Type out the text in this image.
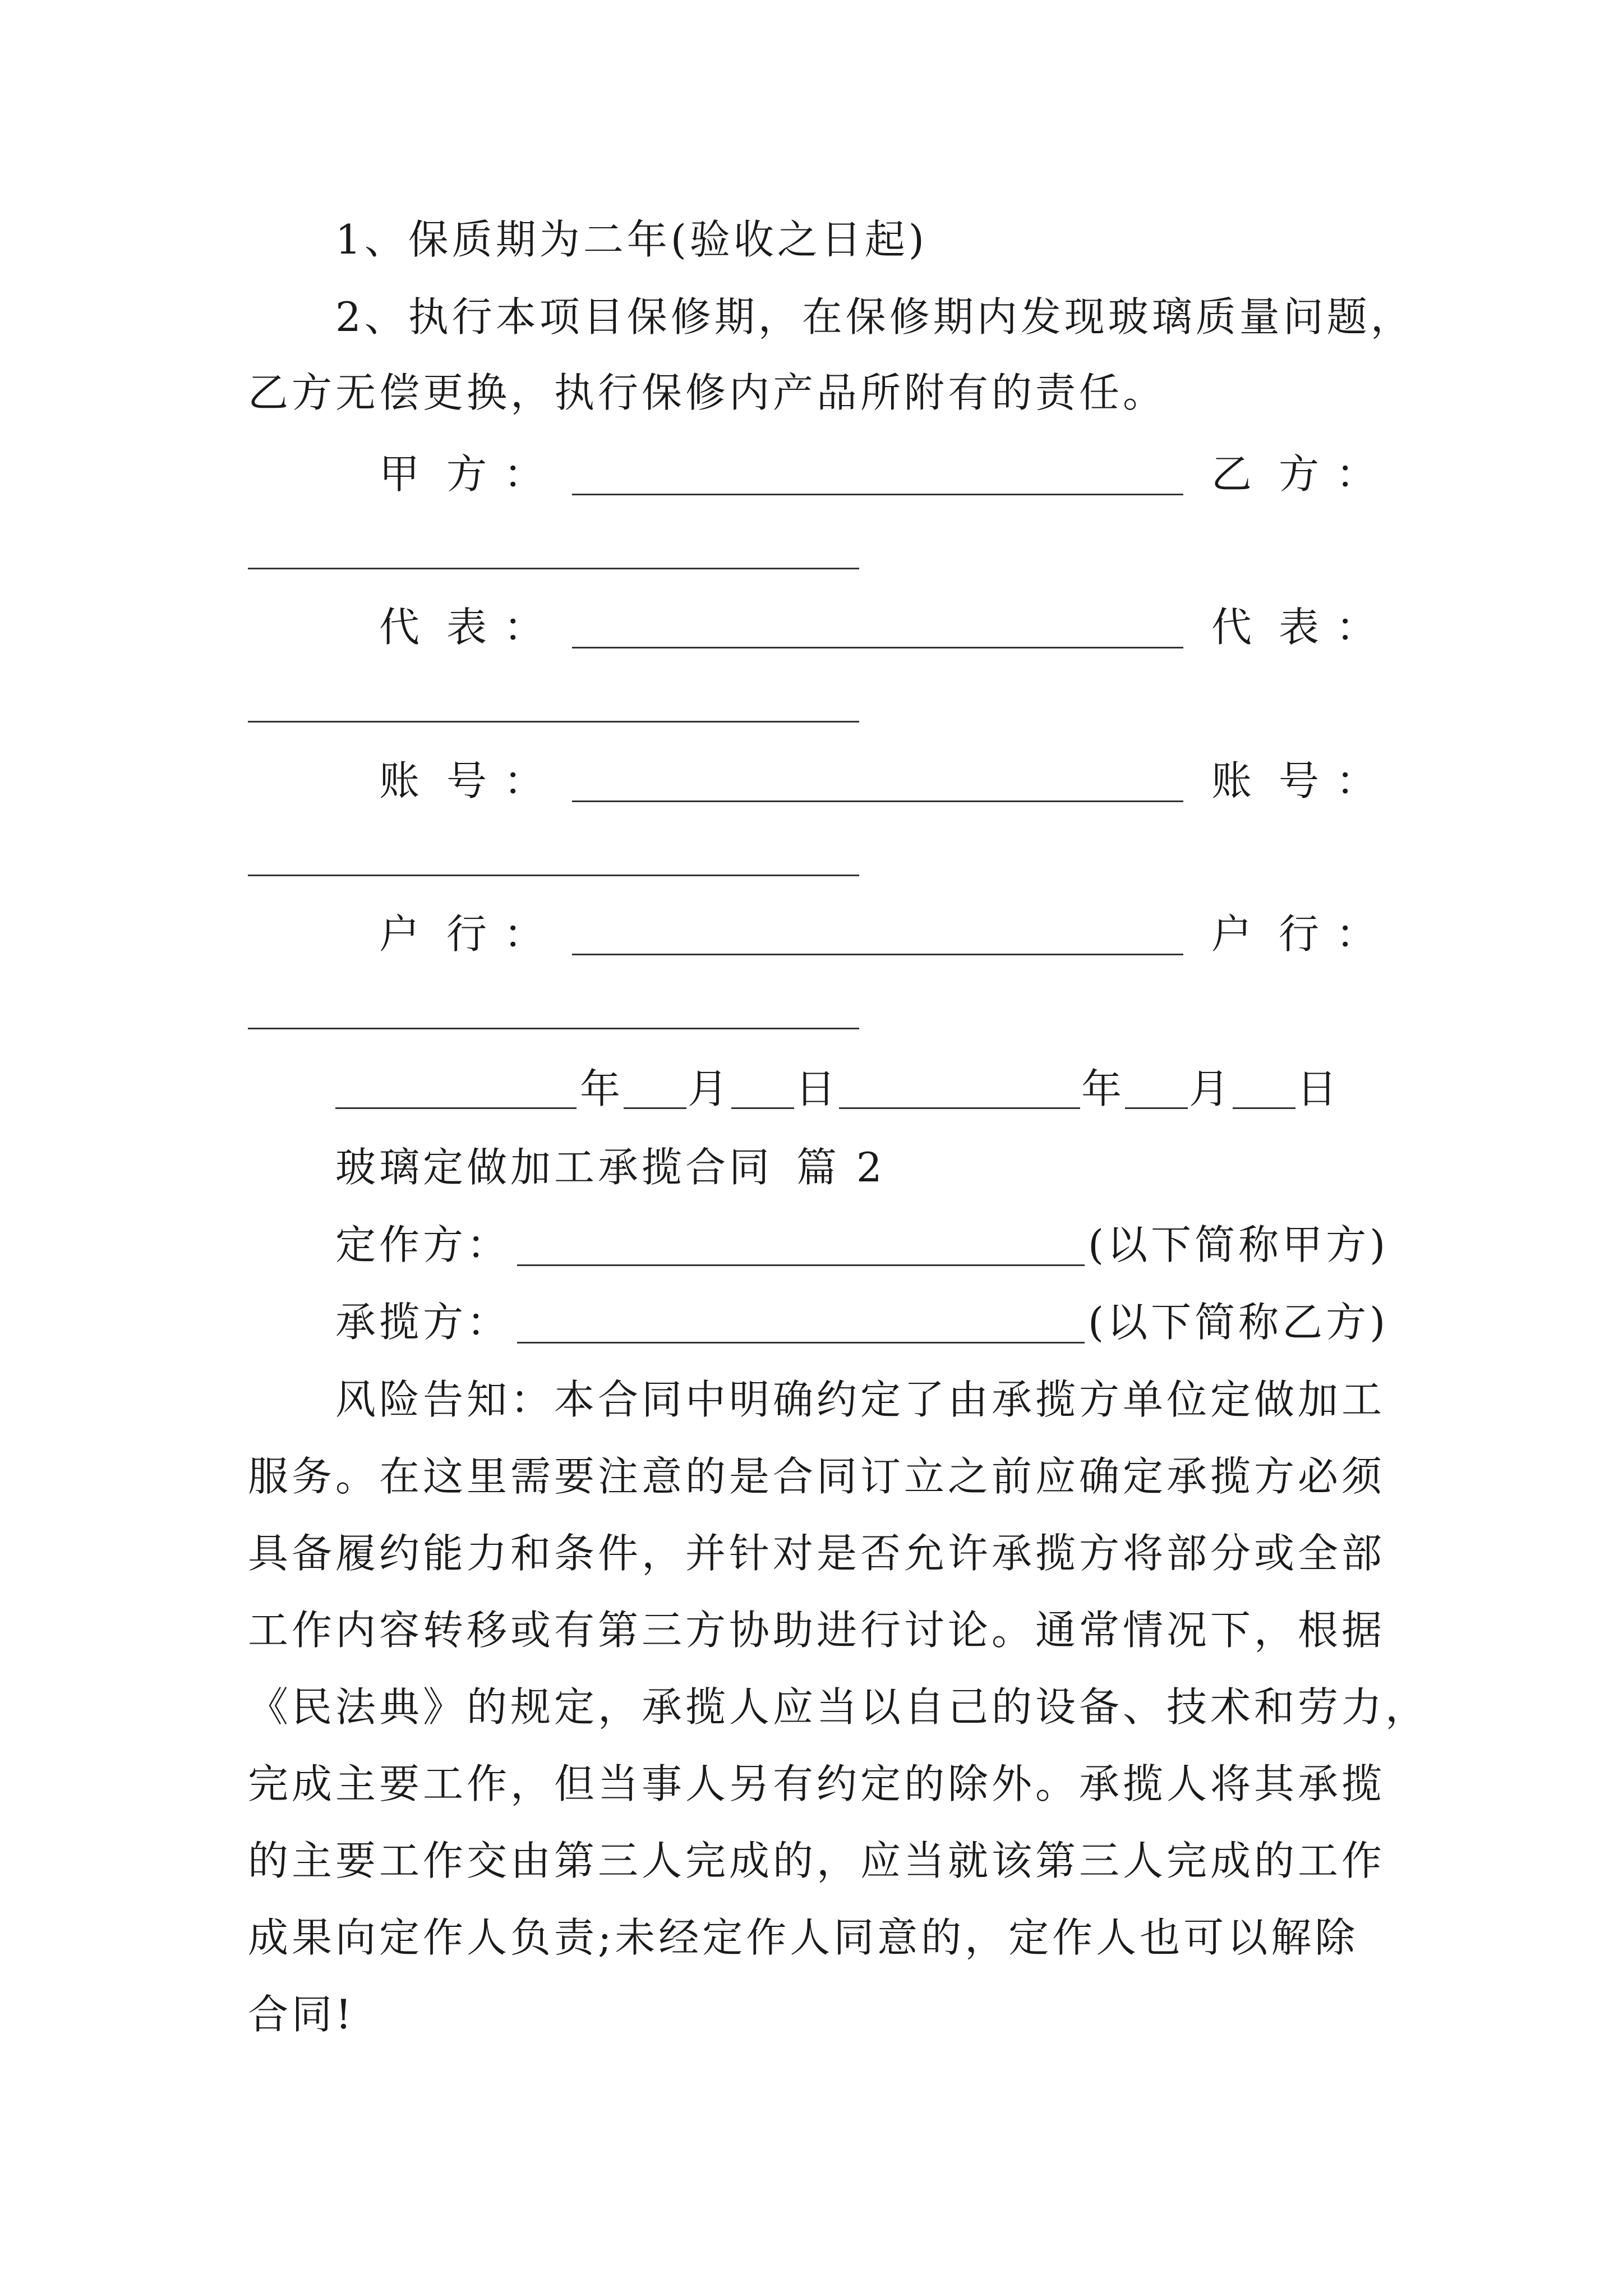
1、保质期为二年(验收之日起)
2、执行本项目保修期，在保修期内发现玻璃质量问题，
乙方无偿更换，执行保修内产品所附有的责任。
甲 方 ：	乙 方 ：
代 表 ：	代 表 ：
账 号 ：	账 号 ：
户 行 ：	户 行 ：
年 月 日	年 月 日
玻璃定做加工承揽合同 篇 2
定作方：	(以下简称甲方)
承揽方：	(以下简称乙方)
风险告知：本合同中明确约定了由承揽方单位定做加工
服务。在这里需要注意的是合同订立之前应确定承揽方必须
具备履约能力和条件，并针对是否允许承揽方将部分或全部
工作内容转移或有第三方协助进行讨论。通常情况下，根据
《民法典》的规定，承揽人应当以自己的设备、技术和劳力，
完成主要工作，但当事人另有约定的除外。承揽人将其承揽
的主要工作交由第三人完成的，应当就该第三人完成的工作
成果向定作人负责;未经定作人同意的，定作人也可以解除
合同!
